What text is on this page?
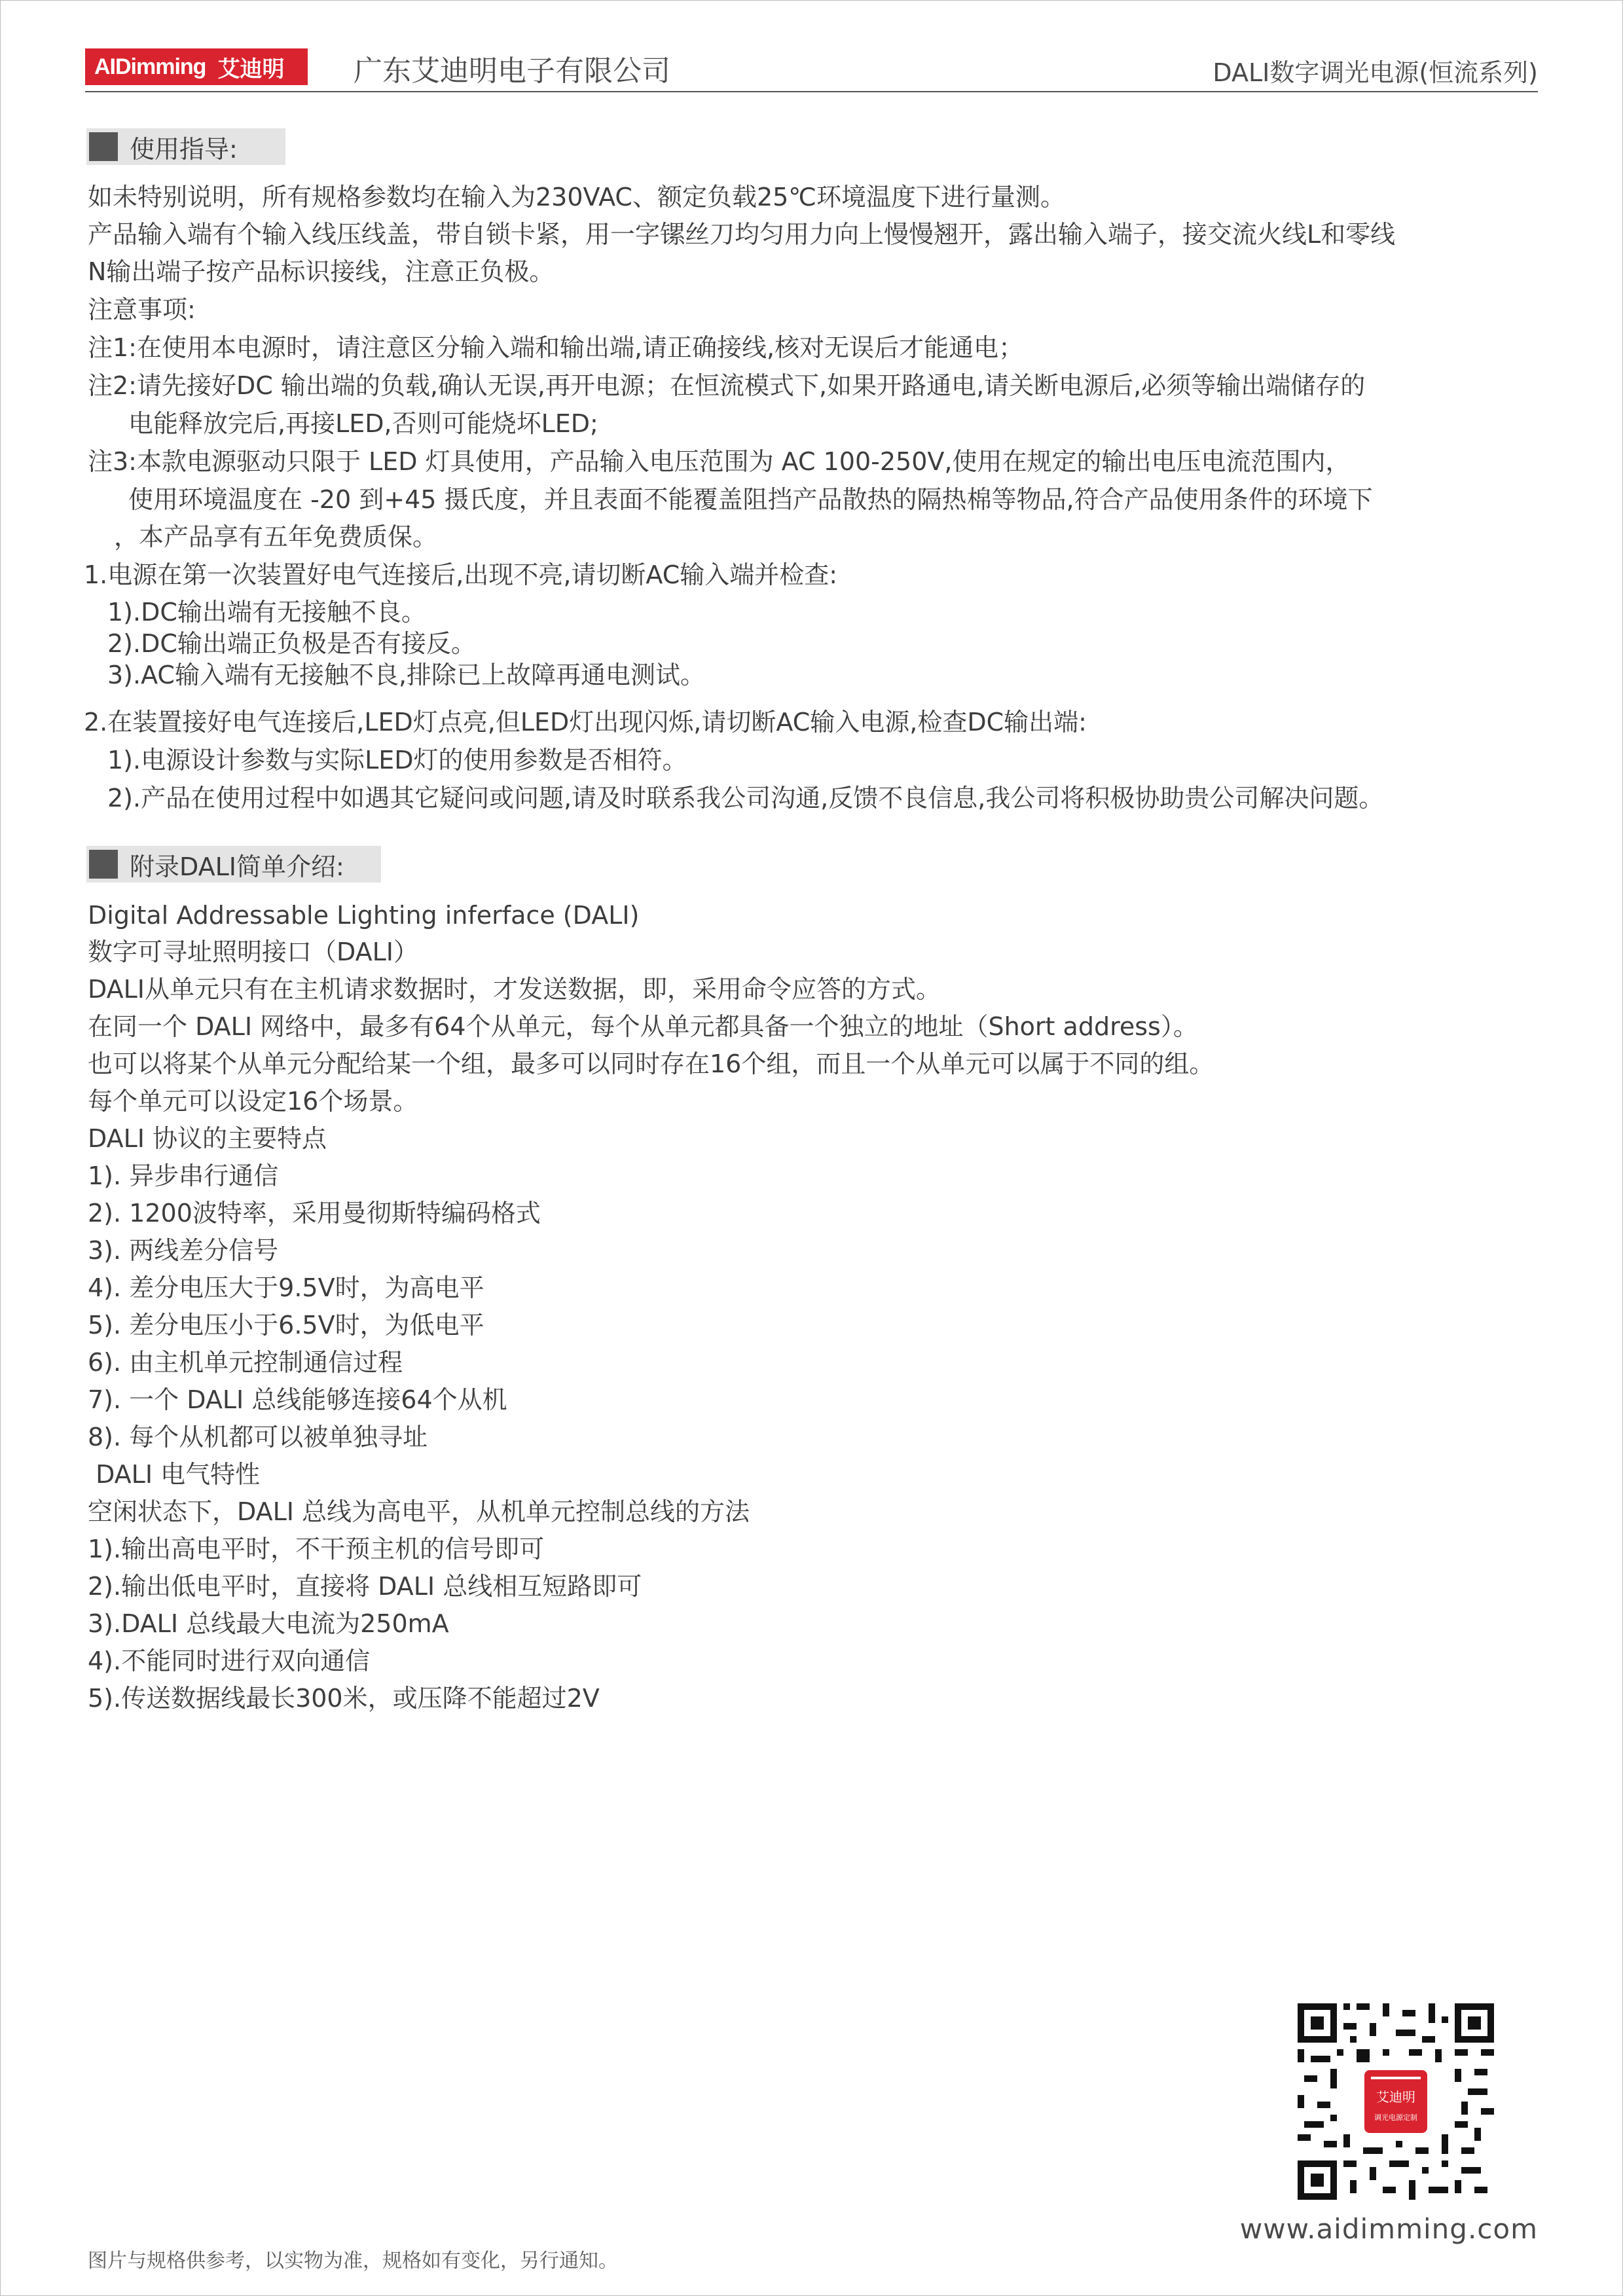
AIDimming 艾迪明 广东艾迪明电子有限公司	DALI数字调光电源(恒流系列)
使用指导:
如未特别说明，所有规格参数均在输入为230VAC、额定负载25℃环境温度下进行量测。
产品输入端有个输入线压线盖，带自锁卡紧，用一字镙丝刀均匀用力向上慢慢翘开，露出输入端子，接交流火线L和零线
N输出端子按产品标识接线，注意正负极。
注意事项:
注1:在使用本电源时，请注意区分输入端和输出端,请正确接线,核对无误后才能通电；
注2:请先接好DC 输出端的负载,确认无误,再开电源；在恒流模式下,如果开路通电,请关断电源后,必须等输出端储存的
电能释放完后,再接LED,否则可能烧坏LED;
注3:本款电源驱动只限于 LED 灯具使用，产品输入电压范围为 AC 100-250V,使用在规定的输出电压电流范围内，
使用环境温度在 -20 到+45 摄氏度，并且表面不能覆盖阻挡产品散热的隔热棉等物品,符合产品使用条件的环境下
，本产品享有五年免费质保。
1.电源在第一次装置好电气连接后,出现不亮,请切断AC输入端并检查:
1).DC输出端有无接触不良。
2).DC输出端正负极是否有接反。
3).AC输入端有无接触不良,排除已上故障再通电测试。
2.在装置接好电气连接后,LED灯点亮,但LED灯出现闪烁,请切断AC输入电源,检查DC输出端:
1).电源设计参数与实际LED灯的使用参数是否相符。
2).产品在使用过程中如遇其它疑问或问题,请及时联系我公司沟通,反馈不良信息,我公司将积极协助贵公司解决问题。
附录DALI简单介绍:
Digital Addressable Lighting inferface (DALI)
数字可寻址照明接口（DALI）
DALI从单元只有在主机请求数据时，才发送数据，即，采用命令应答的方式。
在同一个 DALI 网络中，最多有64个从单元，每个从单元都具备一个独立的地址（Short address）。
也可以将某个从单元分配给某一个组，最多可以同时存在16个组，而且一个从单元可以属于不同的组。
每个单元可以设定16个场景。
DALI 协议的主要特点
1). 异步串行通信
2). 1200波特率，采用曼彻斯特编码格式
3). 两线差分信号
4). 差分电压大于9.5V时，为高电平
5). 差分电压小于6.5V时，为低电平
6). 由主机单元控制通信过程
7). 一个 DALI 总线能够连接64个从机
8). 每个从机都可以被单独寻址
DALI 电气特性
空闲状态下，DALI 总线为高电平，从机单元控制总线的方法
1).输出高电平时，不干预主机的信号即可
2).输出低电平时，直接将 DALI 总线相互短路即可
3).DALI 总线最大电流为250mA
4).不能同时进行双向通信
5).传送数据线最长300米，或压降不能超过2V
艾迪明
调光电源定制
www.aidimming.com
图片与规格供参考，以实物为准，规格如有变化，另行通知。
